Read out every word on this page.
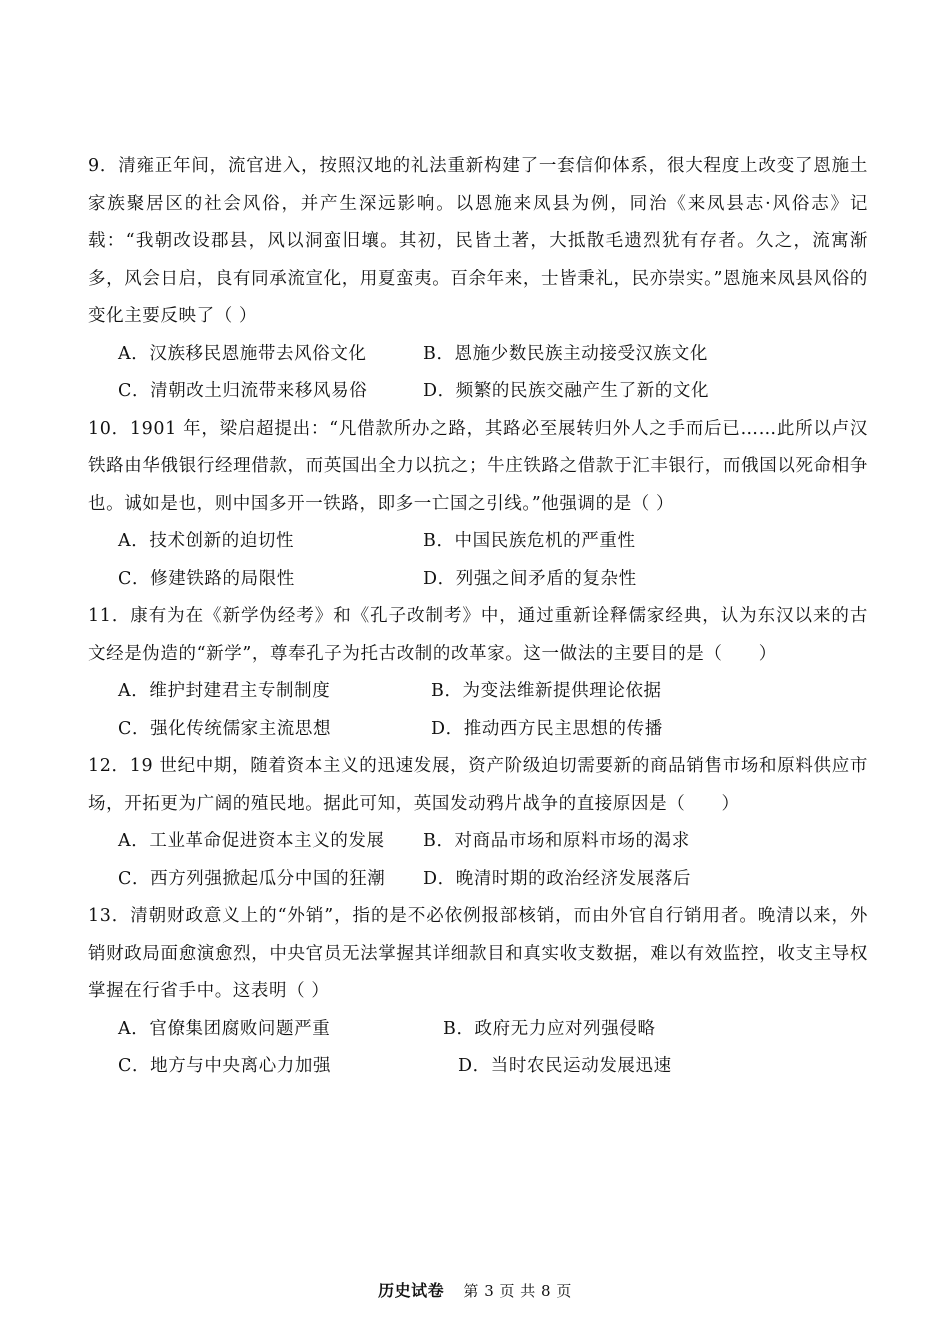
9．清雍正年间，流官进入，按照汉地的礼法重新构建了一套信仰体系，很大程度上改变了恩施土家族聚居区的社会风俗，并产生深远影响。以恩施来凤县为例，同治《来凤县志·风俗志》记载：“我朝改设郡县，风以洞蛮旧壤。其初，民皆土著，大抵散毛遗烈犹有存者。久之，流寓渐多，风会日启，良有同承流宣化，用夏蛮夷。百余年来，士皆秉礼，民亦崇实。”恩施来凤县风俗的变化主要反映了（ ）
A．汉族移民恩施带去风俗文化	B．恩施少数民族主动接受汉族文化
C．清朝改土归流带来移风易俗	D．频繁的民族交融产生了新的文化
10．1901 年，梁启超提出：“凡借款所办之路，其路必至展转归外人之手而后已……此所以卢汉铁路由华俄银行经理借款，而英国出全力以抗之；牛庄铁路之借款于汇丰银行，而俄国以死命相争也。诚如是也，则中国多开一铁路，即多一亡国之引线。”他强调的是（ ）
A．技术创新的迫切性	B．中国民族危机的严重性
C．修建铁路的局限性	D．列强之间矛盾的复杂性
11．康有为在《新学伪经考》和《孔子改制考》中，通过重新诠释儒家经典，认为东汉以来的古文经是伪造的“新学”，尊奉孔子为托古改制的改革家。这一做法的主要目的是（　　）
A．维护封建君主专制制度	B．为变法维新提供理论依据
C．强化传统儒家主流思想	D．推动西方民主思想的传播
12．19 世纪中期，随着资本主义的迅速发展，资产阶级迫切需要新的商品销售市场和原料供应市场，开拓更为广阔的殖民地。据此可知，英国发动鸦片战争的直接原因是（　　）
A．工业革命促进资本主义的发展	B．对商品市场和原料市场的渴求
C．西方列强掀起瓜分中国的狂潮	D．晚清时期的政治经济发展落后
13．清朝财政意义上的“外销”，指的是不必依例报部核销，而由外官自行销用者。晚清以来，外销财政局面愈演愈烈，中央官员无法掌握其详细款目和真实收支数据，难以有效监控，收支主导权掌握在行省手中。这表明（ ）
A．官僚集团腐败问题严重	B．政府无力应对列强侵略
C．地方与中央离心力加强	D．当时农民运动发展迅速
历史试卷 第 3 页 共 8 页
